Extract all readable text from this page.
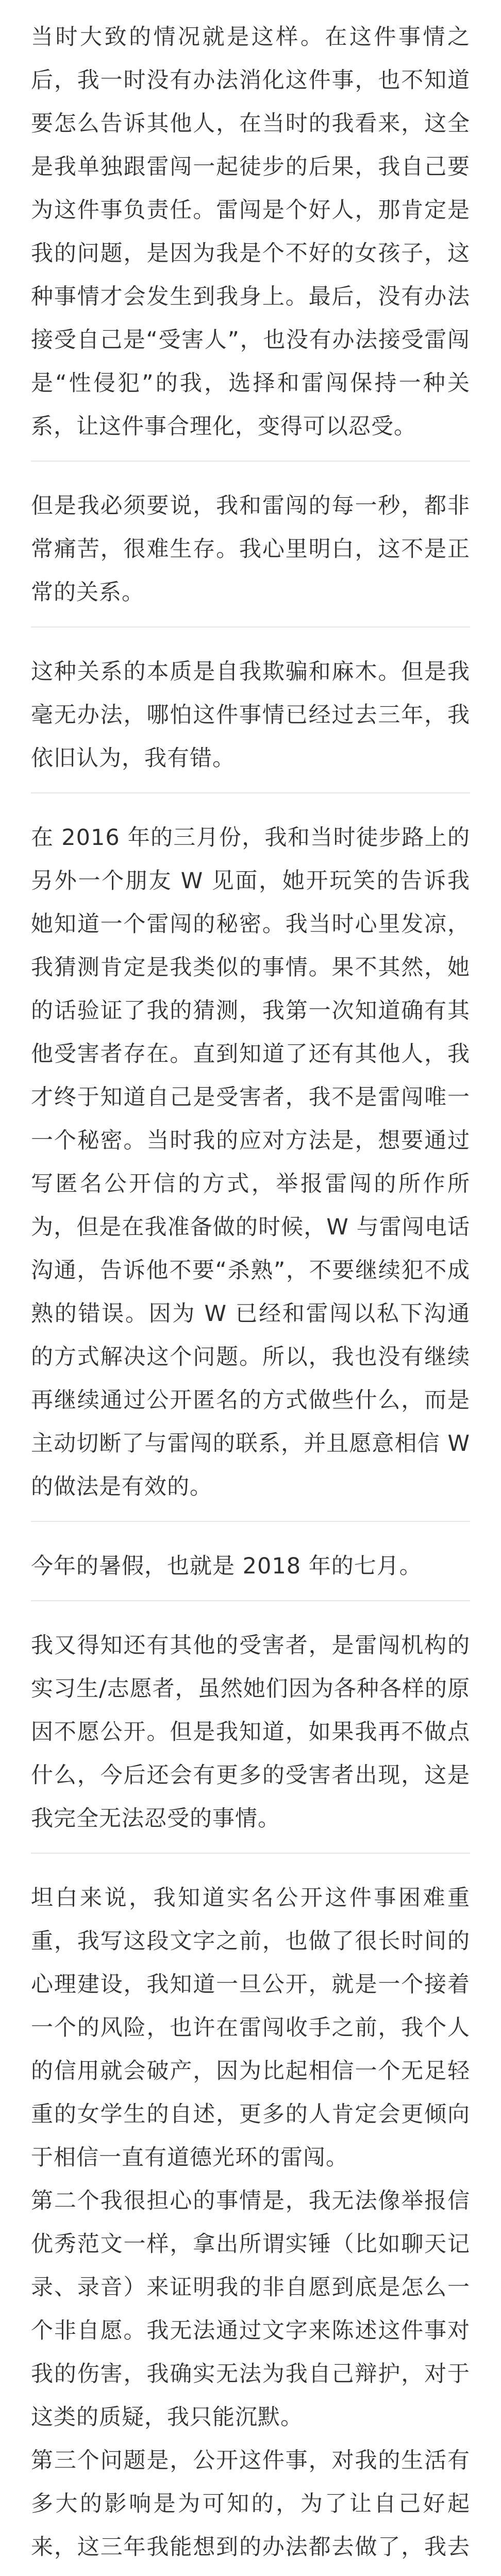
当时大致的情况就是这样。在这件事情之后，我一时没有办法消化这件事，也不知道要怎么告诉其他人，在当时的我看来，这全是我单独跟雷闯一起徒步的后果，我自己要为这件事负责任。雷闯是个好人，那肯定是我的问题，是因为我是个不好的女孩子，这种事情才会发生到我身上。最后，没有办法接受自己是“受害人”，也没有办法接受雷闯是“性侵犯”的我，选择和雷闯保持一种关系，让这件事合理化，变得可以忍受。

但是我必须要说，我和雷闯的每一秒，都非常痛苦，很难生存。我心里明白，这不是正常的关系。

这种关系的本质是自我欺骗和麻木。但是我毫无办法，哪怕这件事情已经过去三年，我依旧认为，我有错。

在 2016 年的三月份，我和当时徒步路上的另外一个朋友 W 见面，她开玩笑的告诉我她知道一个雷闯的秘密。我当时心里发凉，我猜测肯定是我类似的事情。果不其然，她的话验证了我的猜测，我第一次知道确有其他受害者存在。直到知道了还有其他人，我才终于知道自己是受害者，我不是雷闯唯一一个秘密。当时我的应对方法是，想要通过写匿名公开信的方式，举报雷闯的所作所为，但是在我准备做的时候，W 与雷闯电话沟通，告诉他不要“杀熟”，不要继续犯不成熟的错误。因为 W 已经和雷闯以私下沟通的方式解决这个问题。所以，我也没有继续再继续通过公开匿名的方式做些什么，而是主动切断了与雷闯的联系，并且愿意相信 W 的做法是有效的。

今年的暑假，也就是 2018 年的七月。

我又得知还有其他的受害者，是雷闯机构的实习生/志愿者，虽然她们因为各种各样的原因不愿公开。但是我知道，如果我再不做点什么，今后还会有更多的受害者出现，这是我完全无法忍受的事情。

坦白来说，我知道实名公开这件事困难重重，我写这段文字之前，也做了很长时间的心理建设，我知道一旦公开，就是一个接着一个的风险，也许在雷闯收手之前，我个人的信用就会破产，因为比起相信一个无足轻重的女学生的自述，更多的人肯定会更倾向于相信一直有道德光环的雷闯。

第二个我很担心的事情是，我无法像举报信优秀范文一样，拿出所谓实锤（比如聊天记录、录音）来证明我的非自愿到底是怎么一个非自愿。我无法通过文字来陈述这件事对我的伤害，我确实无法为我自己辩护，对于这类的质疑，我只能沉默。

第三个问题是，公开这件事，对我的生活有多大的影响是为可知的，为了让自己好起来，这三年我能想到的办法都去做了，我去
